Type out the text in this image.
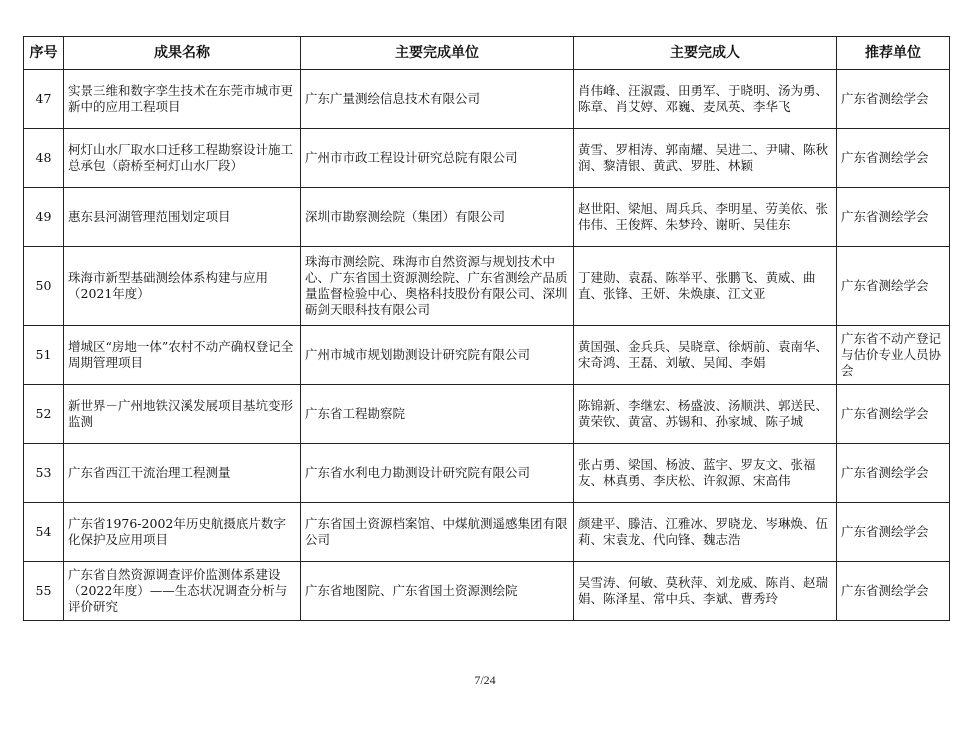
序号	成果名称	主要完成单位	主要完成人	推荐单位
47	实景三维和数字孪生技术在东莞市城市更新中的应用工程项目	广东广量测绘信息技术有限公司	肖伟峰、汪淑霞、田勇军、于晓明、汤为勇、陈章、肖艾婷、邓巍、麦凤英、李华飞	广东省测绘学会
48	柯灯山水厂取水口迁移工程勘察设计施工总承包（蔚桥至柯灯山水厂段）	广州市市政工程设计研究总院有限公司	黄雪、罗相涛、郭南耀、吴进二、尹啸、陈秋润、黎清银、黄武、罗胜、林颖	广东省测绘学会
49	惠东县河湖管理范围划定项目	深圳市勘察测绘院（集团）有限公司	赵世阳、梁旭、周兵兵、李明星、劳美依、张伟伟、王俊辉、朱梦玲、谢昕、吴佳东	广东省测绘学会
50	珠海市新型基础测绘体系构建与应用（2021年度）	珠海市测绘院、珠海市自然资源与规划技术中心、广东省国土资源测绘院、广东省测绘产品质量监督检验中心、奥格科技股份有限公司、深圳砺剑天眼科技有限公司	丁建勋、袁磊、陈举平、张鹏飞、黄威、曲直、张锋、王妍、朱焕康、江文亚	广东省测绘学会
51	增城区“房地一体”农村不动产确权登记全周期管理项目	广州市城市规划勘测设计研究院有限公司	黄国强、金兵兵、吴晓章、徐炳前、袁南华、宋奇鸿、王磊、刘敏、吴闻、李娟	广东省不动产登记与估价专业人员协会
52	新世界－广州地铁汉溪发展项目基坑变形监测	广东省工程勘察院	陈锦新、李继宏、杨盛波、汤顺洪、郭送民、黄荣钦、黄富、苏锡和、孙家城、陈子城	广东省测绘学会
53	广东省西江干流治理工程测量	广东省水利电力勘测设计研究院有限公司	张占勇、梁国、杨波、蓝宇、罗友文、张福友、林真勇、李庆松、许叙源、宋高伟	广东省测绘学会
54	广东省1976-2002年历史航摄底片数字化保护及应用项目	广东省国土资源档案馆、中煤航测遥感集团有限公司	颜建平、滕洁、江雅冰、罗晓龙、岑琳焕、伍莉、宋袁龙、代向锋、魏志浩	广东省测绘学会
55	广东省自然资源调查评价监测体系建设（2022年度）——生态状况调查分析与评价研究	广东省地图院、广东省国土资源测绘院	吴雪涛、何敏、莫秋萍、刘龙威、陈肖、赵瑞娟、陈泽星、常中兵、李斌、曹秀玲	广东省测绘学会
7/24
